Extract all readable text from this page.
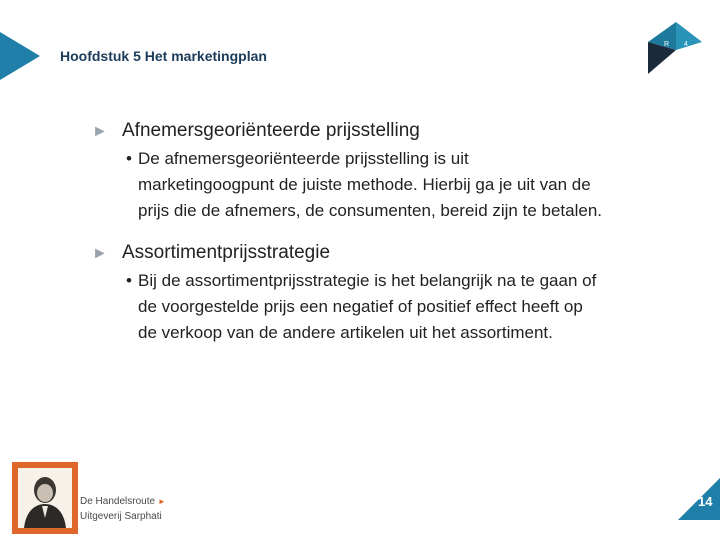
Hoofdstuk 5 Het marketingplan
R 4
► Afnemersgeoriënteerde prijsstelling
• De afnemersgeoriënteerde prijsstelling is uit
marketingoogpunt de juiste methode. Hierbij ga je uit van de
prijs die de afnemers, de consumenten, bereid zijn te betalen.
► Assortimentprijsstrategie
• Bij de assortimentprijsstrategie is het belangrijk na te gaan of
de voorgestelde prijs een negatief of positief effect heeft op
de verkoop van de andere artikelen uit het assortiment.
De Handelsroute ►
Uitgeverij Sarphati
14
